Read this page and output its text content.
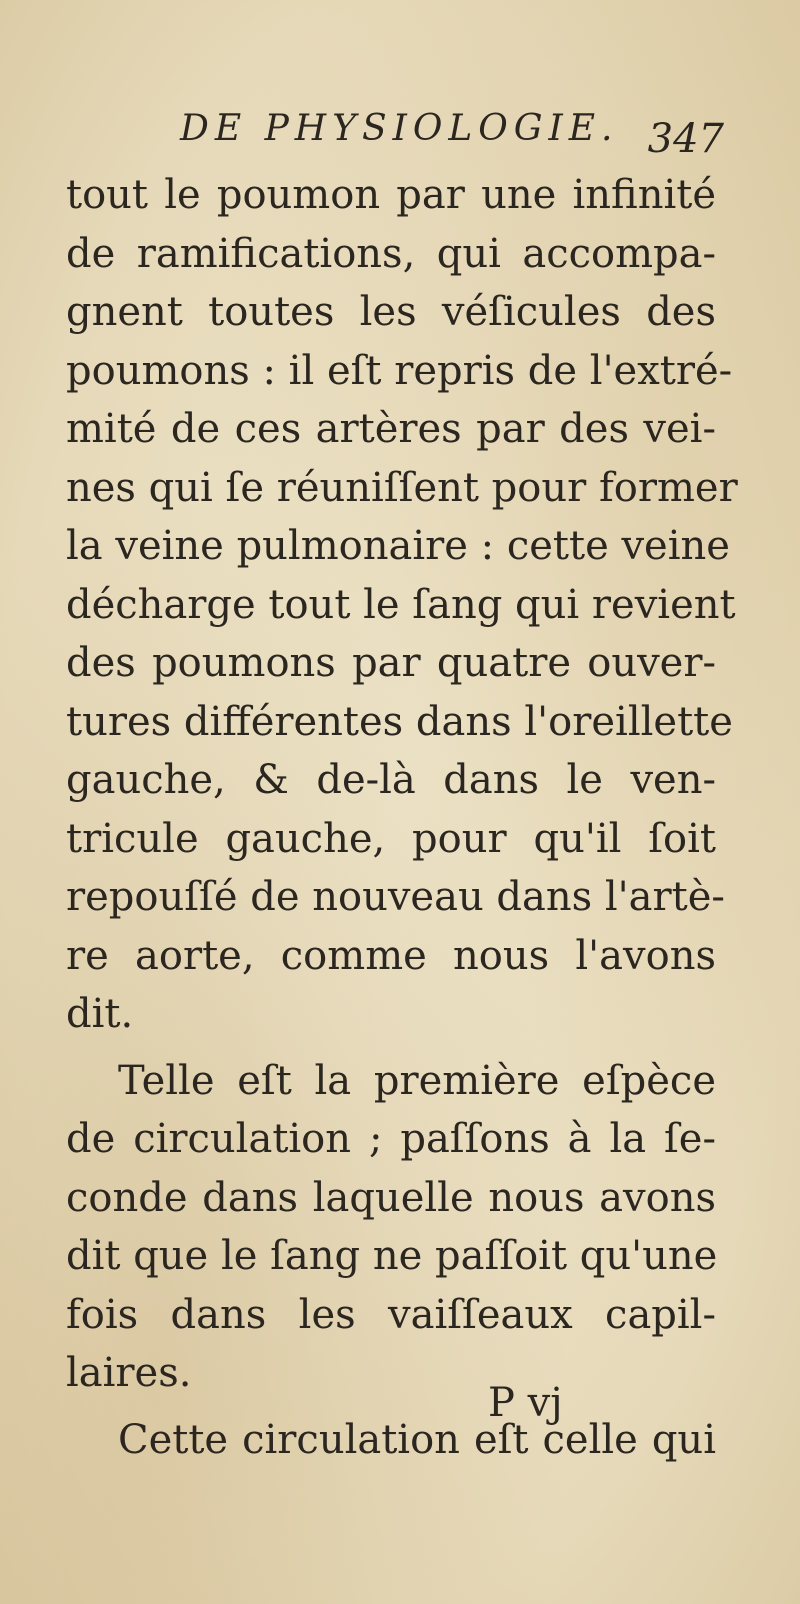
DE PHYSIOLOGIE. 347
tout le poumon par une infinité
de ramifications, qui accompa-
gnent toutes les véſicules des
poumons : il eſt repris de l'extré-
mité de ces artères par des vei-
nes qui ſe réuniſſent pour former
la veine pulmonaire : cette veine
décharge tout le ſang qui revient
des poumons par quatre ouver-
tures différentes dans l'oreillette
gauche, & de-là dans le ven-
tricule gauche, pour qu'il ſoit
repouſſé de nouveau dans l'artè-
re aorte, comme nous l'avons
dit.
Telle eſt la première eſpèce
de circulation ; paſſons à la ſe-
conde dans laquelle nous avons
dit que le ſang ne paſſoit qu'une
fois dans les vaiſſeaux capil-
laires.
Cette circulation eſt celle qui
P vj
